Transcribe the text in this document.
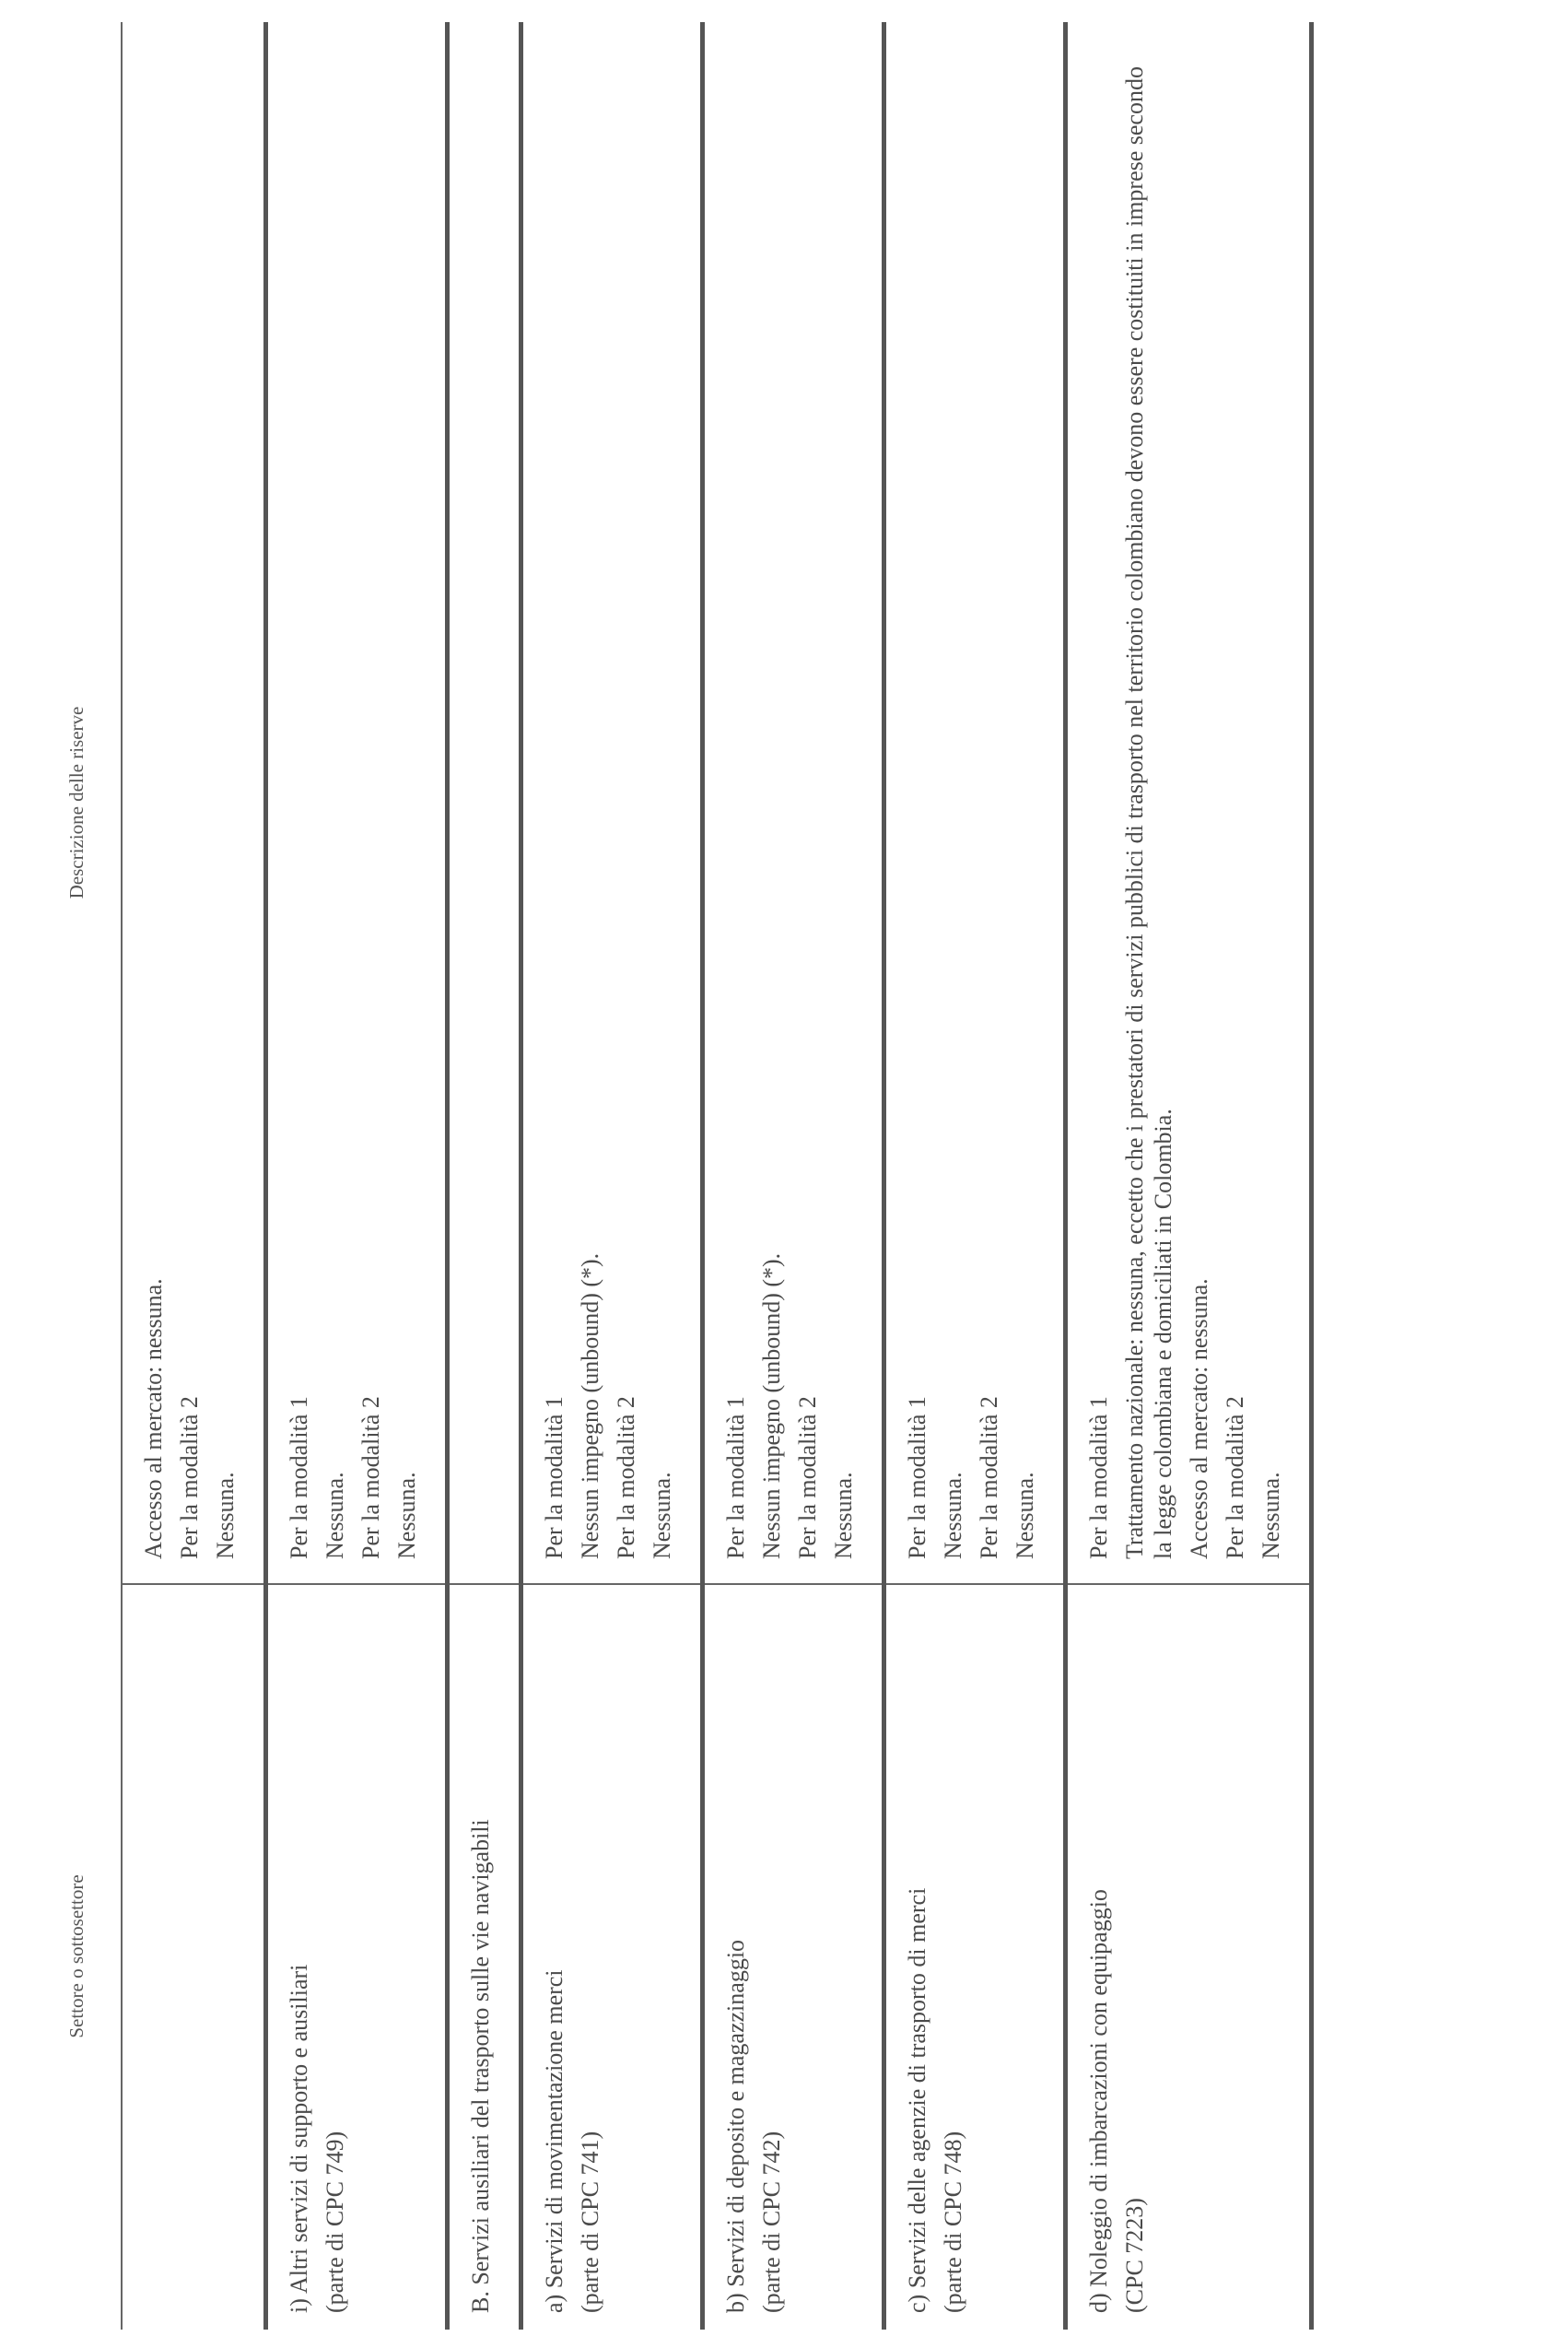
Settore o sottosettore
Descrizione delle riserve

Accesso al mercato: nessuna. Per la modalità 2 Nessuna.

i) Altri servizi di supporto e ausiliari (parte di CPC 749)

Per la modalità 1 Nessuna. Per la modalità 2 Nessuna.

B. Servizi ausiliari del trasporto sulle vie navigabili a) Servizi di movimentazione merci (parte di CPC 741)

Per la modalità 1 Nessun impegno (unbound) (*). Per la modalità 2 Nessuna.

b) Servizi di deposito e magazzinaggio (parte di CPC 742)

Per la modalità 1 Nessun impegno (unbound) (*). Per la modalità 2 Nessuna.

c) Servizi delle agenzie di trasporto di merci (parte di CPC 748)

Per la modalità 1 Nessuna. Per la modalità 2 Nessuna.

d) Noleggio di imbarcazioni con equipaggio (CPC 7223)

Per la modalità 1 Trattamento nazionale: nessuna, eccetto che i prestatori di servizi pubblici di trasporto nel territorio colombiano devono essere costituiti in imprese secondo la legge colombiana e domiciliati in Colombia. Accesso al mercato: nessuna. Per la modalità 2 Nessuna.
